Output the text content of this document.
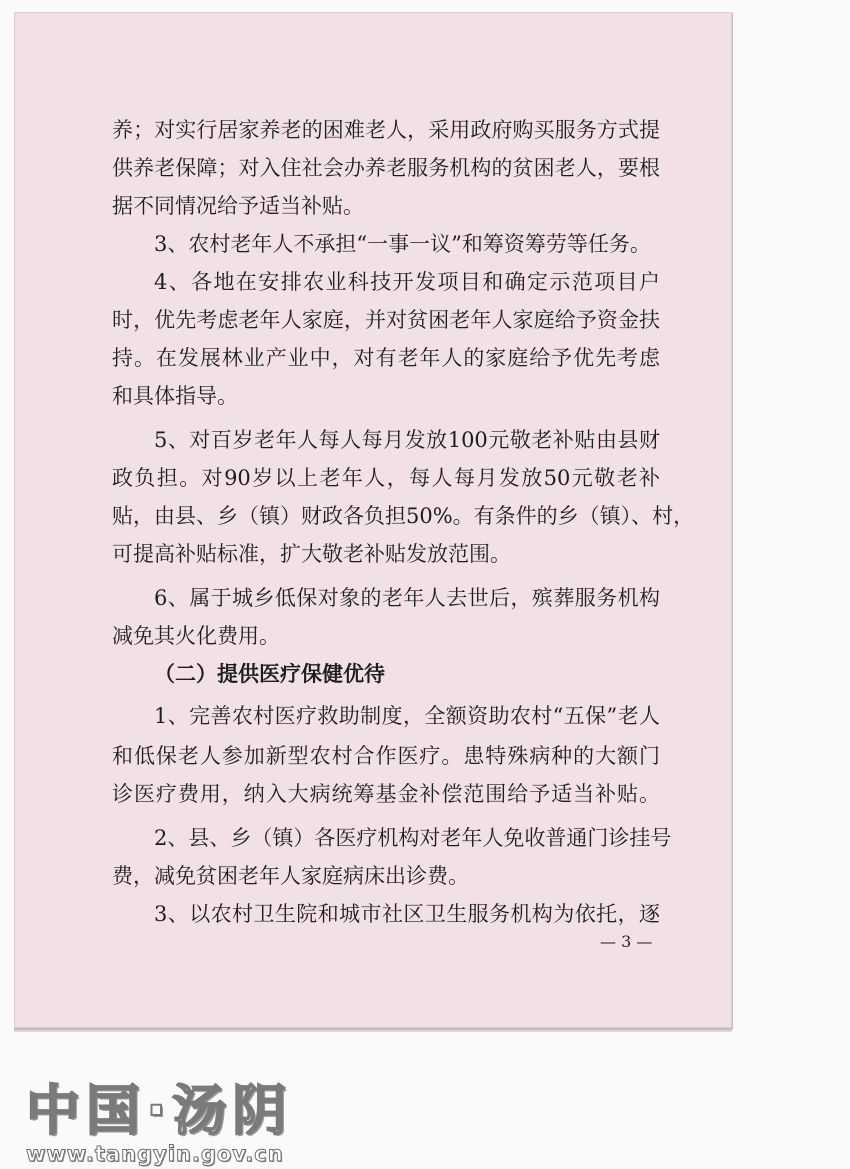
养；对实行居家养老的困难老人，采用政府购买服务方式提
供养老保障；对入住社会办养老服务机构的贫困老人，要根
据不同情况给予适当补贴。
3、农村老年人不承担“一事一议”和筹资筹劳等任务。
4、各地在安排农业科技开发项目和确定示范项目户
时，优先考虑老年人家庭，并对贫困老年人家庭给予资金扶
持。在发展林业产业中，对有老年人的家庭给予优先考虑
和具体指导。
5、对百岁老年人每人每月发放100元敬老补贴由县财
政负担。对90岁以上老年人，每人每月发放50元敬老补
贴，由县、乡（镇）财政各负担50%。有条件的乡（镇）、村，
可提高补贴标准，扩大敬老补贴发放范围。
6、属于城乡低保对象的老年人去世后，殡葬服务机构
减免其火化费用。
（二）提供医疗保健优待
1、完善农村医疗救助制度，全额资助农村“五保”老人
和低保老人参加新型农村合作医疗。患特殊病种的大额门
诊医疗费用，纳入大病统筹基金补偿范围给予适当补贴。
2、县、乡（镇）各医疗机构对老年人免收普通门诊挂号
费，减免贫困老年人家庭病床出诊费。
3、以农村卫生院和城市社区卫生服务机构为依托，逐
— 3 —
中国·汤阴
www.tangyin.gov.cn
